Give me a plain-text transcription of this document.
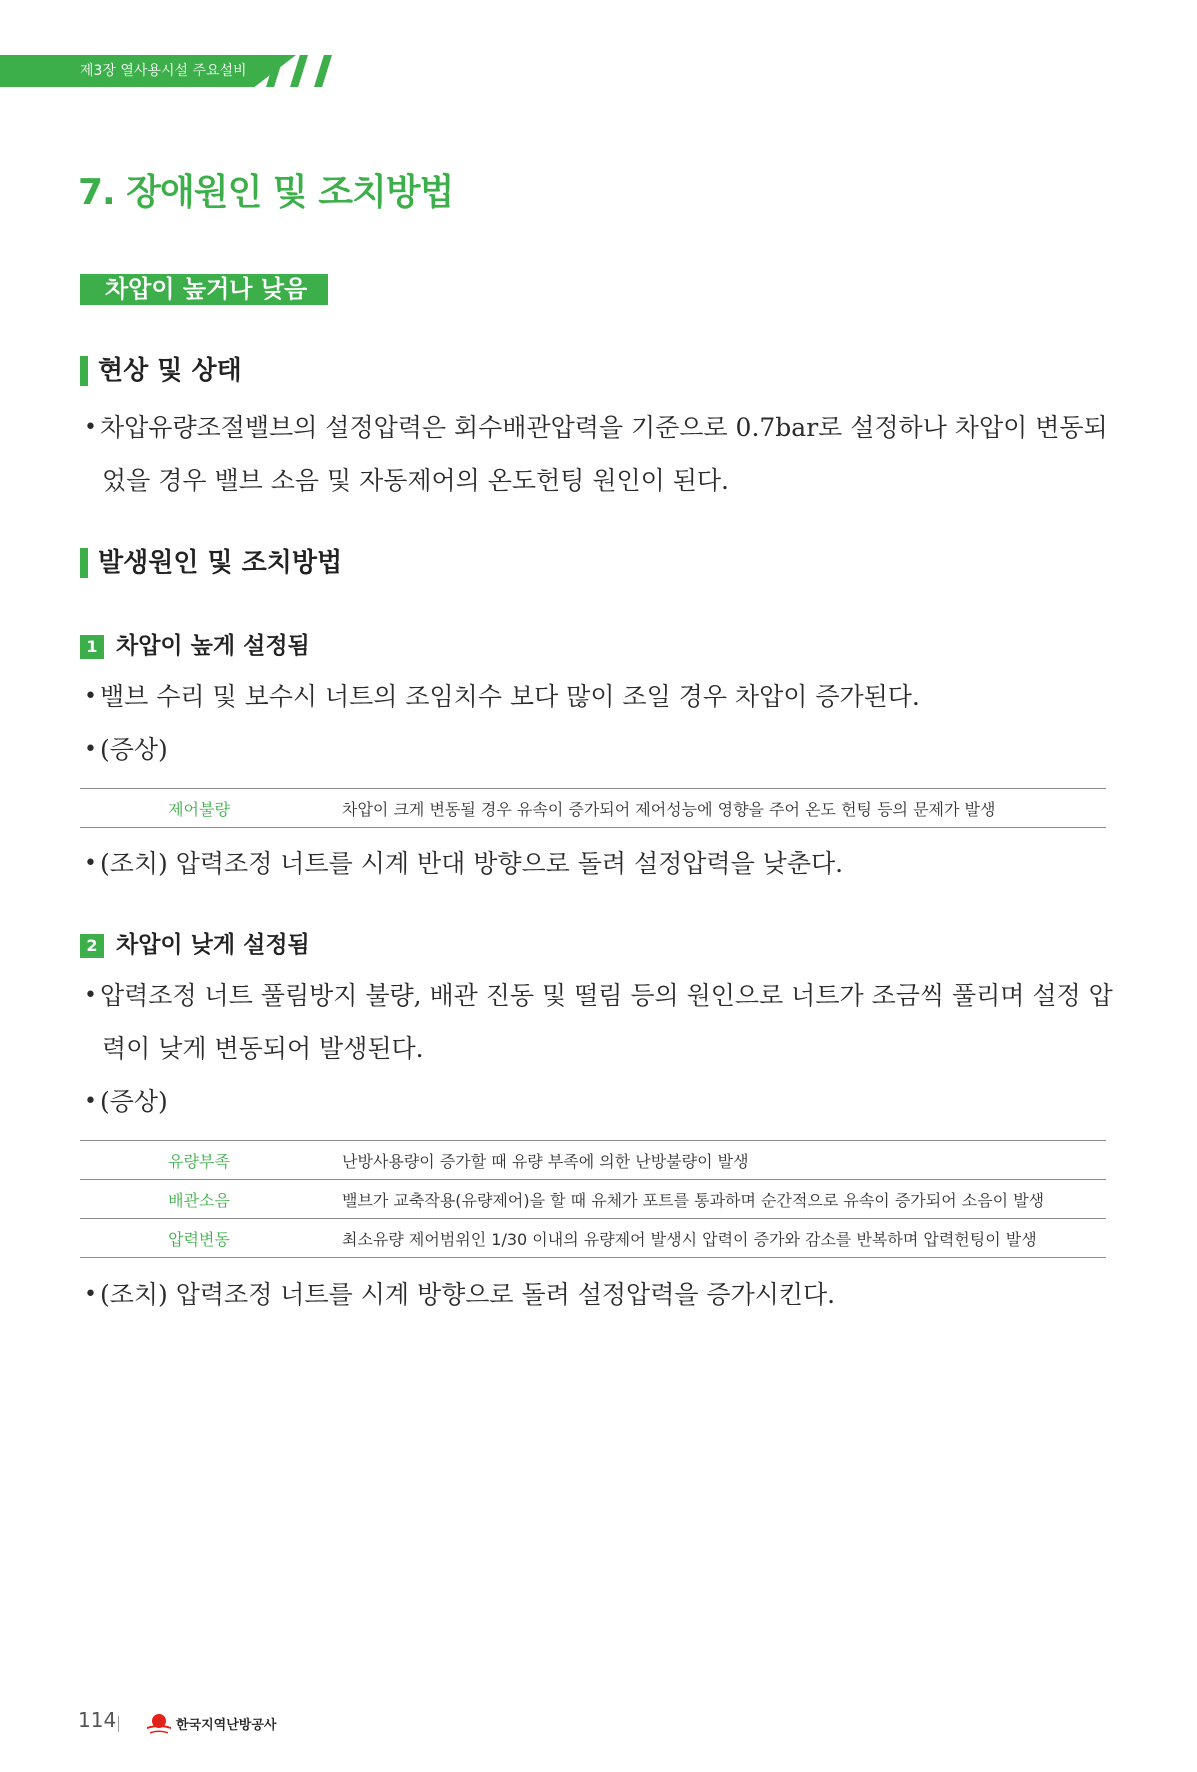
제3장 열사용시설 주요설비
7. 장애원인 및 조치방법
차압이 높거나 낮음
현상 및 상태
• 차압유량조절밸브의 설정압력은 회수배관압력을 기준으로 0.7bar로 설정하나 차압이 변동되
었을 경우 밸브 소음 및 자동제어의 온도헌팅 원인이 된다.
발생원인 및 조치방법
1 차압이 높게 설정됨
• 밸브 수리 및 보수시 너트의 조임치수 보다 많이 조일 경우 차압이 증가된다.
• (증상)
제어불량		차압이 크게 변동될 경우 유속이 증가되어 제어성능에 영향을 주어 온도 헌팅 등의 문제가 발생
• (조치) 압력조정 너트를 시계 반대 방향으로 돌려 설정압력을 낮춘다.
2 차압이 낮게 설정됨
• 압력조정 너트 풀림방지 불량, 배관 진동 및 떨림 등의 원인으로 너트가 조금씩 풀리며 설정 압
력이 낮게 변동되어 발생된다.
• (증상)
유량부족		난방사용량이 증가할 때 유량 부족에 의한 난방불량이 발생
배관소음		밸브가 교축작용(유량제어)을 할 때 유체가 포트를 통과하며 순간적으로 유속이 증가되어 소음이 발생
압력변동		최소유량 제어범위인 1/30 이내의 유량제어 발생시 압력이 증가와 감소를 반복하며 압력헌팅이 발생
• (조치) 압력조정 너트를 시계 방향으로 돌려 설정압력을 증가시킨다.
114	한국지역난방공사
